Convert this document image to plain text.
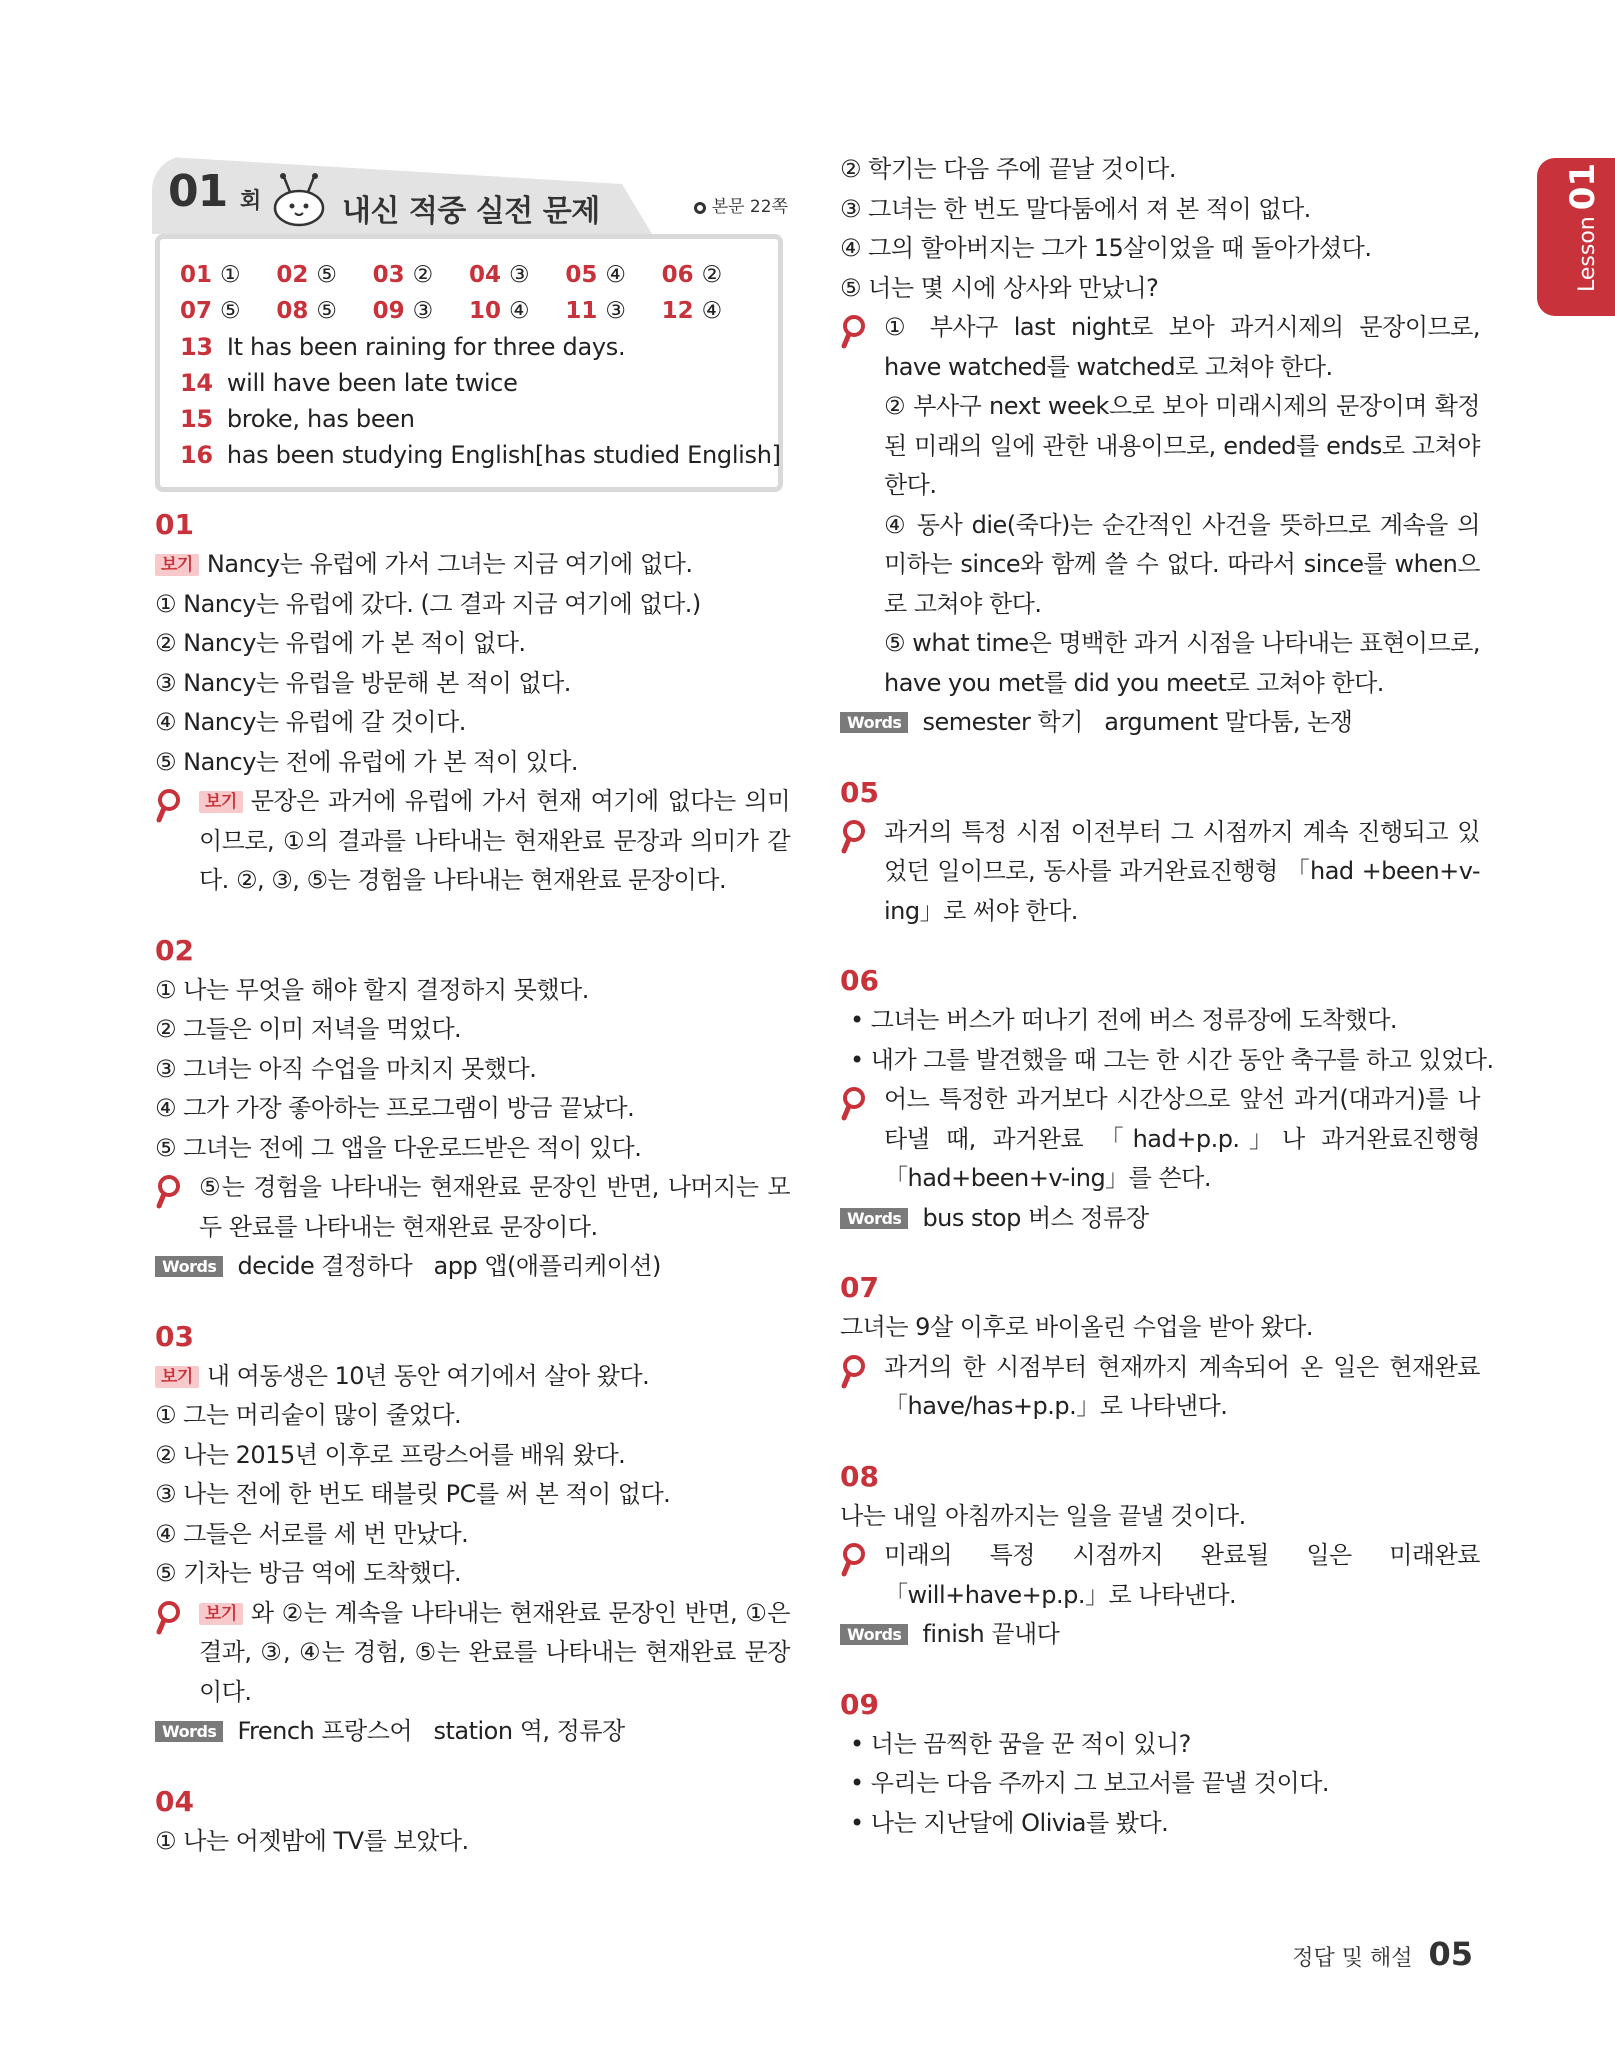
Lesson01
01 회	내신 적중 실전 문제	본문 22쪽
01 ①	02 ⑤	03 ②	04 ③	05 ④	06 ②
07 ⑤	08 ⑤	09 ③	10 ④	11 ③	12 ④
13 It has been raining for three days.
14 will have been late twice
15 broke, has been
16 has been studying English[has studied English]
01
보기 Nancy는 유럽에 가서 그녀는 지금 여기에 없다.
① Nancy는 유럽에 갔다. (그 결과 지금 여기에 없다.)
② Nancy는 유럽에 가 본 적이 없다.
③ Nancy는 유럽을 방문해 본 적이 없다.
④ Nancy는 유럽에 갈 것이다.
⑤ Nancy는 전에 유럽에 가 본 적이 있다.
보기 문장은 과거에 유럽에 가서 현재 여기에 없다는 의미이므로, ①의 결과를 나타내는 현재완료 문장과 의미가 같다. ②, ③, ⑤는 경험을 나타내는 현재완료 문장이다.
02
① 나는 무엇을 해야 할지 결정하지 못했다.
② 그들은 이미 저녁을 먹었다.
③ 그녀는 아직 수업을 마치지 못했다.
④ 그가 가장 좋아하는 프로그램이 방금 끝났다.
⑤ 그녀는 전에 그 앱을 다운로드받은 적이 있다.
⑤는 경험을 나타내는 현재완료 문장인 반면, 나머지는 모두 완료를 나타내는 현재완료 문장이다.
Words decide 결정하다   app 앱(애플리케이션)
03
보기 내 여동생은 10년 동안 여기에서 살아 왔다.
① 그는 머리숱이 많이 줄었다.
② 나는 2015년 이후로 프랑스어를 배워 왔다.
③ 나는 전에 한 번도 태블릿 PC를 써 본 적이 없다.
④ 그들은 서로를 세 번 만났다.
⑤ 기차는 방금 역에 도착했다.
보기 와 ②는 계속을 나타내는 현재완료 문장인 반면, ①은 결과, ③, ④는 경험, ⑤는 완료를 나타내는 현재완료 문장이다.
Words French 프랑스어   station 역, 정류장
04
① 나는 어젯밤에 TV를 보았다.
② 학기는 다음 주에 끝날 것이다.
③ 그녀는 한 번도 말다툼에서 져 본 적이 없다.
④ 그의 할아버지는 그가 15살이었을 때 돌아가셨다.
⑤ 너는 몇 시에 상사와 만났니?
① 부사구 last night로 보아 과거시제의 문장이므로, have watched를 watched로 고쳐야 한다.
② 부사구 next week으로 보아 미래시제의 문장이며 확정된 미래의 일에 관한 내용이므로, ended를 ends로 고쳐야 한다.
④ 동사 die(죽다)는 순간적인 사건을 뜻하므로 계속을 의미하는 since와 함께 쓸 수 없다. 따라서 since를 when으로 고쳐야 한다.
⑤ what time은 명백한 과거 시점을 나타내는 표현이므로, have you met를 did you meet로 고쳐야 한다.
Words semester 학기   argument 말다툼, 논쟁
05
과거의 특정 시점 이전부터 그 시점까지 계속 진행되고 있었던 일이므로, 동사를 과거완료진행형 「had +been+v-ing」로 써야 한다.
06
• 그녀는 버스가 떠나기 전에 버스 정류장에 도착했다.
• 내가 그를 발견했을 때 그는 한 시간 동안 축구를 하고 있었다.
어느 특정한 과거보다 시간상으로 앞선 과거(대과거)를 나타낼 때, 과거완료 「had+p.p.」나 과거완료진행형 「had+been+v-ing」를 쓴다.
Words bus stop 버스 정류장
07
그녀는 9살 이후로 바이올린 수업을 받아 왔다.
과거의 한 시점부터 현재까지 계속되어 온 일은 현재완료 「have/has+p.p.」로 나타낸다.
08
나는 내일 아침까지는 일을 끝낼 것이다.
미래의 특정 시점까지 완료될 일은 미래완료 「will+have+p.p.」로 나타낸다.
Words finish 끝내다
09
• 너는 끔찍한 꿈을 꾼 적이 있니?
• 우리는 다음 주까지 그 보고서를 끝낼 것이다.
• 나는 지난달에 Olivia를 봤다.
정답 및 해설 05
